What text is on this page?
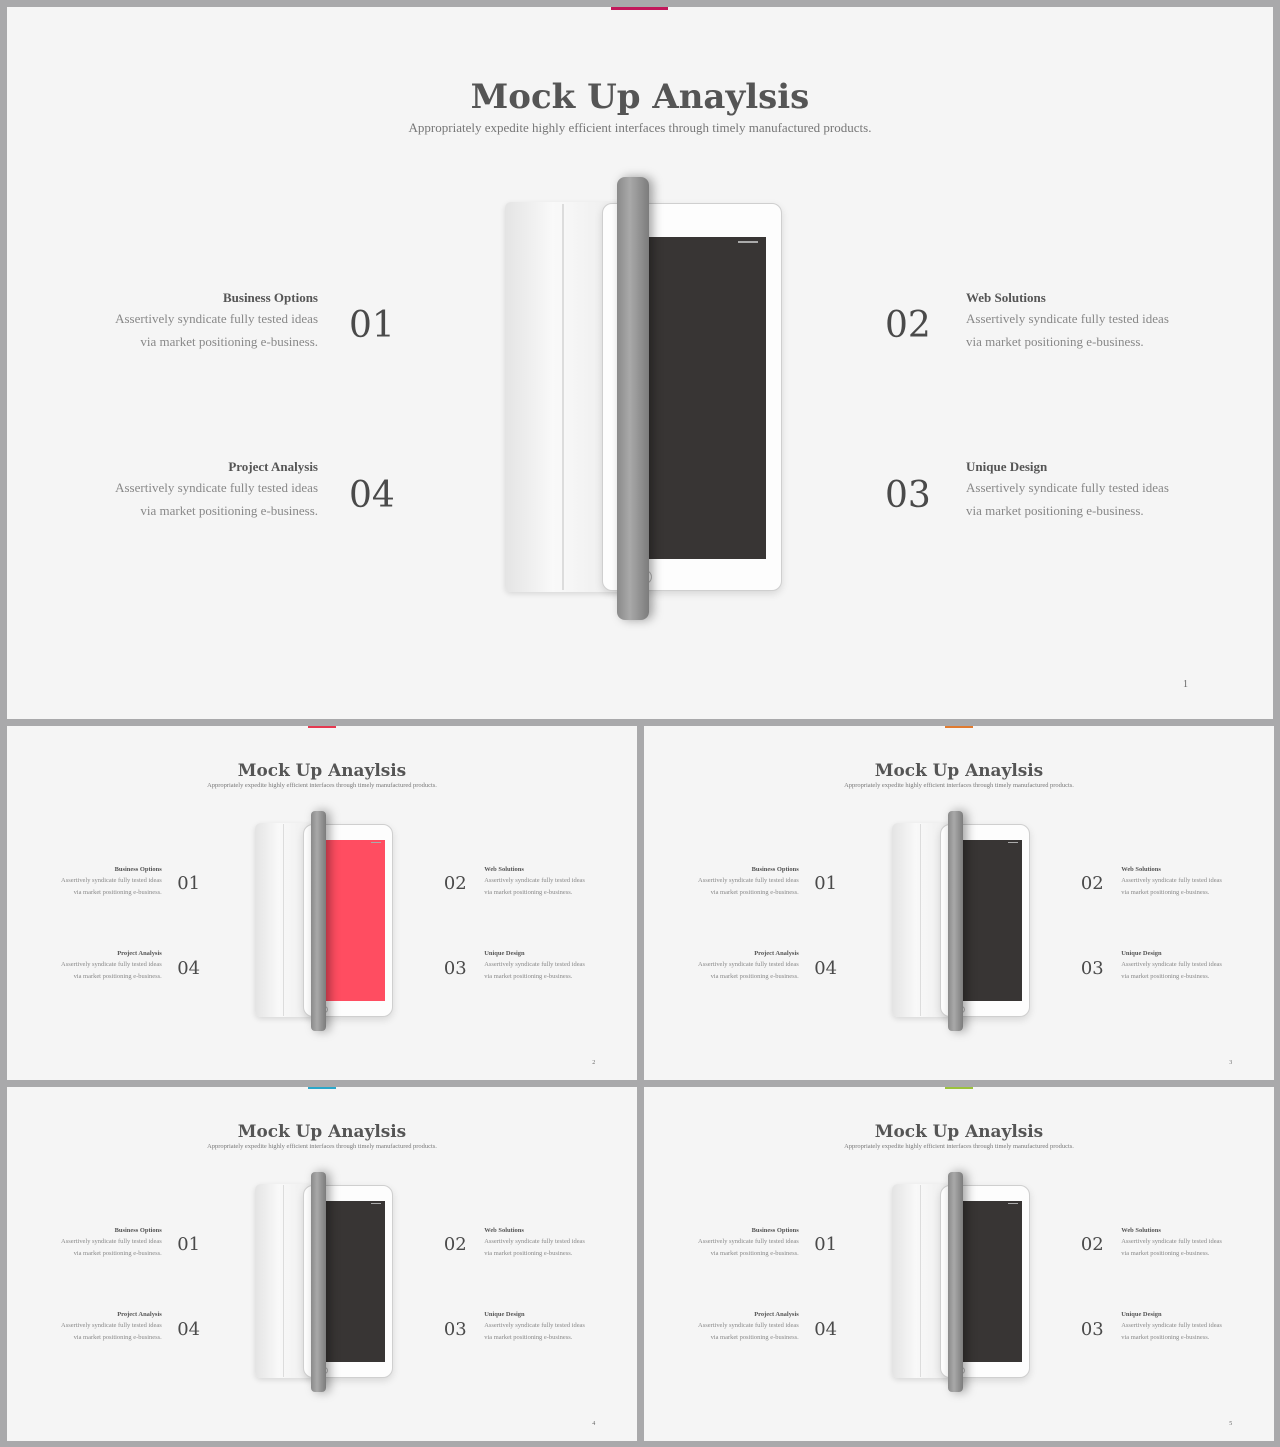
Mock Up Anaylsis
Appropriately expedite highly efficient interfaces through timely manufactured products.
01
Business Options
Assertively syndicate fully tested ideas
via market positioning e-business.	02
Web Solutions
Assertively syndicate fully tested ideas
via market positioning e-business.
03
Unique Design
Assertively syndicate fully tested ideas
via market positioning e-business.
04
Project Analysis
Assertively syndicate fully tested ideas
via market positioning e-business.
1
Mock Up Anaylsis
Appropriately expedite highly efficient interfaces through timely manufactured products.
01
Business Options
Assertively syndicate fully tested ideas
via market positioning e-business.	02
Web Solutions
Assertively syndicate fully tested ideas
via market positioning e-business.
03
Unique Design
Assertively syndicate fully tested ideas
via market positioning e-business.
04
Project Analysis
Assertively syndicate fully tested ideas
via market positioning e-business.
2
Mock Up Anaylsis
Appropriately expedite highly efficient interfaces through timely manufactured products.
01
Business Options
Assertively syndicate fully tested ideas
via market positioning e-business.	02
Web Solutions
Assertively syndicate fully tested ideas
via market positioning e-business.
03
Unique Design
Assertively syndicate fully tested ideas
via market positioning e-business.
04
Project Analysis
Assertively syndicate fully tested ideas
via market positioning e-business.
3
Mock Up Anaylsis
Appropriately expedite highly efficient interfaces through timely manufactured products.
01
Business Options
Assertively syndicate fully tested ideas
via market positioning e-business.	02
Web Solutions
Assertively syndicate fully tested ideas
via market positioning e-business.
03
Unique Design
Assertively syndicate fully tested ideas
via market positioning e-business.
04
Project Analysis
Assertively syndicate fully tested ideas
via market positioning e-business.
4
Mock Up Anaylsis
Appropriately expedite highly efficient interfaces through timely manufactured products.
01
Business Options
Assertively syndicate fully tested ideas
via market positioning e-business.	02
Web Solutions
Assertively syndicate fully tested ideas
via market positioning e-business.
03
Unique Design
Assertively syndicate fully tested ideas
via market positioning e-business.
04
Project Analysis
Assertively syndicate fully tested ideas
via market positioning e-business.
5
